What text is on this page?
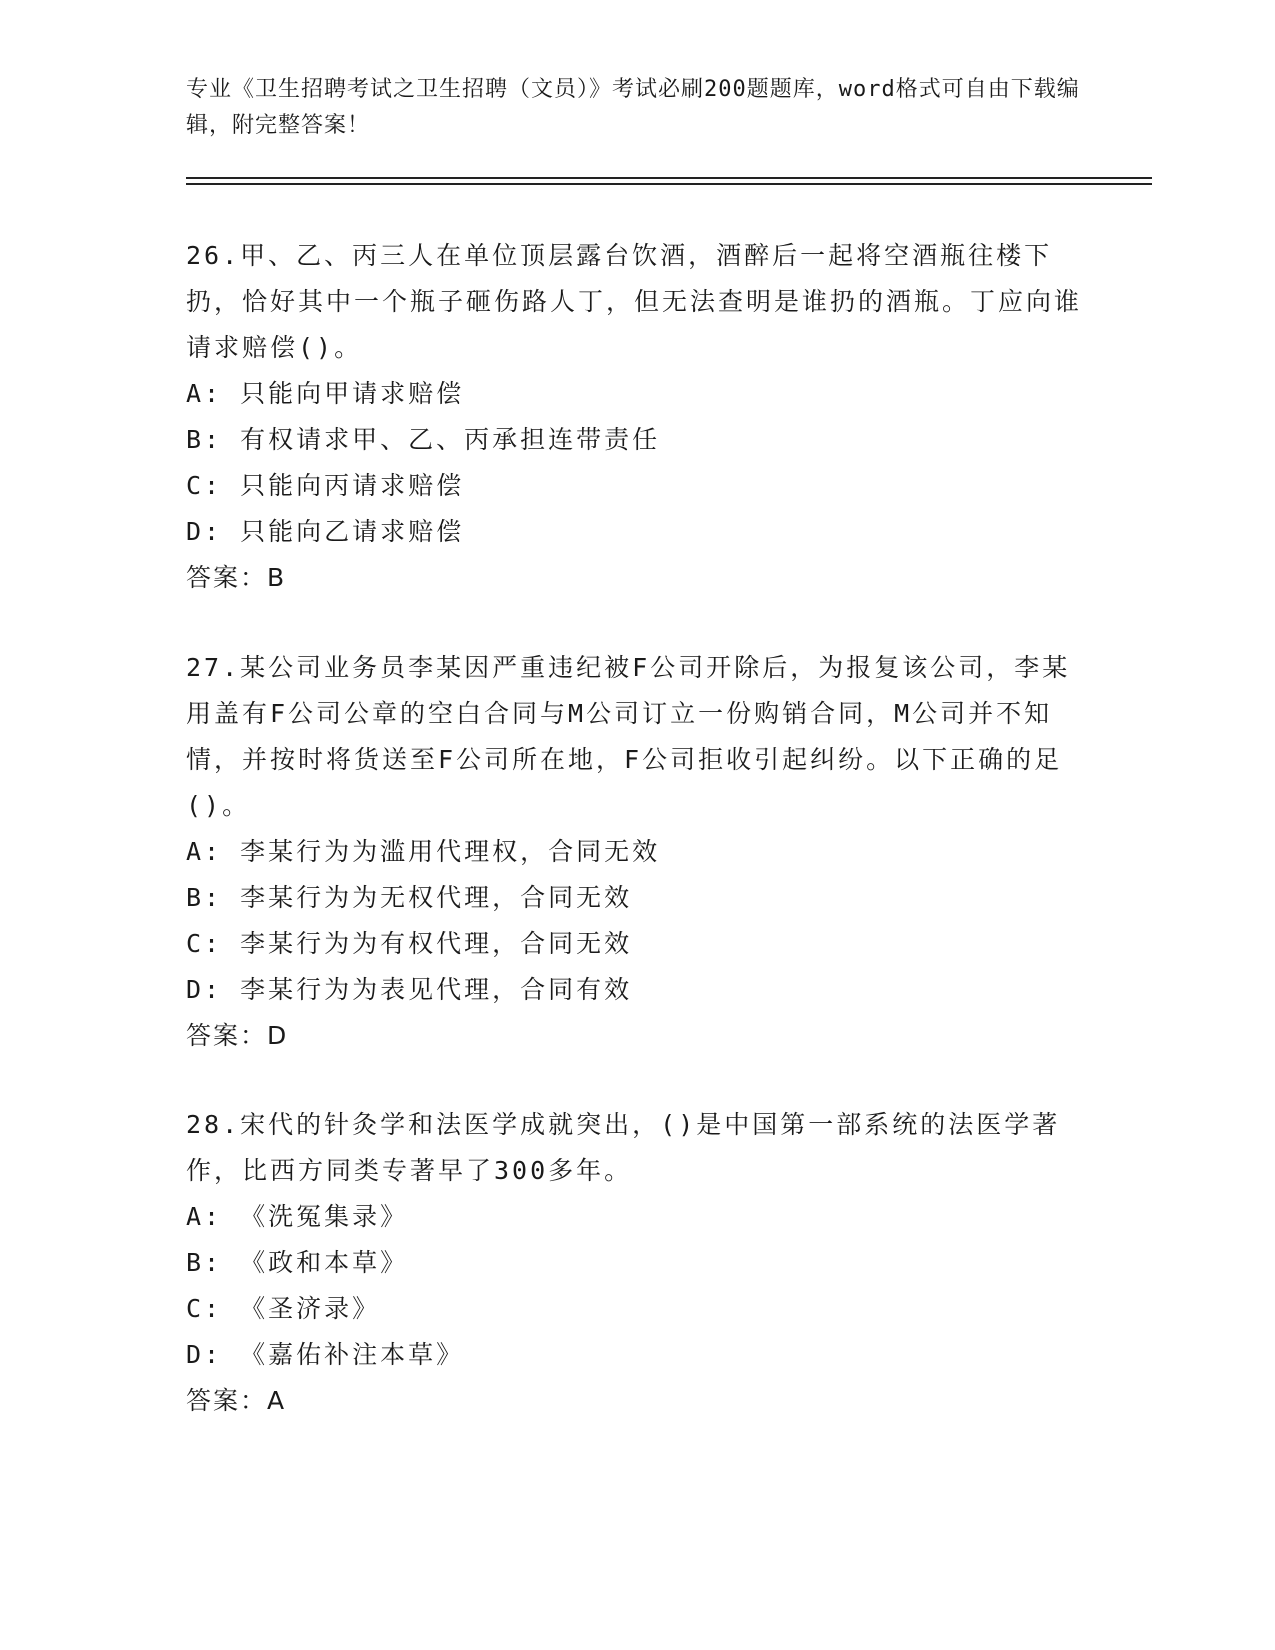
专业《卫生招聘考试之卫生招聘（文员）》考试必刷200题题库，word格式可自由下载编辑，附完整答案！
26.甲、乙、丙三人在单位顶层露台饮酒，酒醉后一起将空酒瓶往楼下扔，恰好其中一个瓶子砸伤路人丁，但无法查明是谁扔的酒瓶。丁应向谁请求赔偿()。
A: 只能向甲请求赔偿
B: 有权请求甲、乙、丙承担连带责任
C: 只能向丙请求赔偿
D: 只能向乙请求赔偿
答案：B
27.某公司业务员李某因严重违纪被F公司开除后，为报复该公司，李某用盖有F公司公章的空白合同与M公司订立一份购销合同，M公司并不知情，并按时将货送至F公司所在地，F公司拒收引起纠纷。以下正确的足()。
A: 李某行为为滥用代理权，合同无效
B: 李某行为为无权代理，合同无效
C: 李某行为为有权代理，合同无效
D: 李某行为为表见代理，合同有效
答案：D
28.宋代的针灸学和法医学成就突出，()是中国第一部系统的法医学著作，比西方同类专著早了300多年。
A: 《洗冤集录》
B: 《政和本草》
C: 《圣济录》
D: 《嘉佑补注本草》
答案：A
